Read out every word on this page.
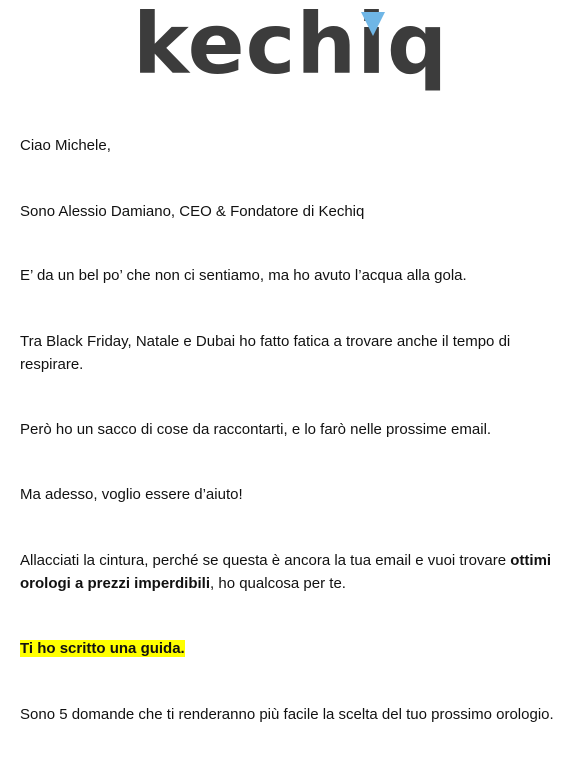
kechiq

Ciao Michele,

Sono Alessio Damiano, CEO & Fondatore di Kechiq

E’ da un bel po’ che non ci sentiamo, ma ho avuto l’acqua alla gola.

Tra Black Friday, Natale e Dubai ho fatto fatica a trovare anche il tempo di respirare.

Però ho un sacco di cose da raccontarti, e lo farò nelle prossime email.

Ma adesso, voglio essere d’aiuto!

Allacciati la cintura, perché se questa è ancora la tua email e vuoi trovare ottimi orologi a prezzi imperdibili, ho qualcosa per te.

Ti ho scritto una guida.

Sono 5 domande che ti renderanno più facile la scelta del tuo prossimo orologio.
